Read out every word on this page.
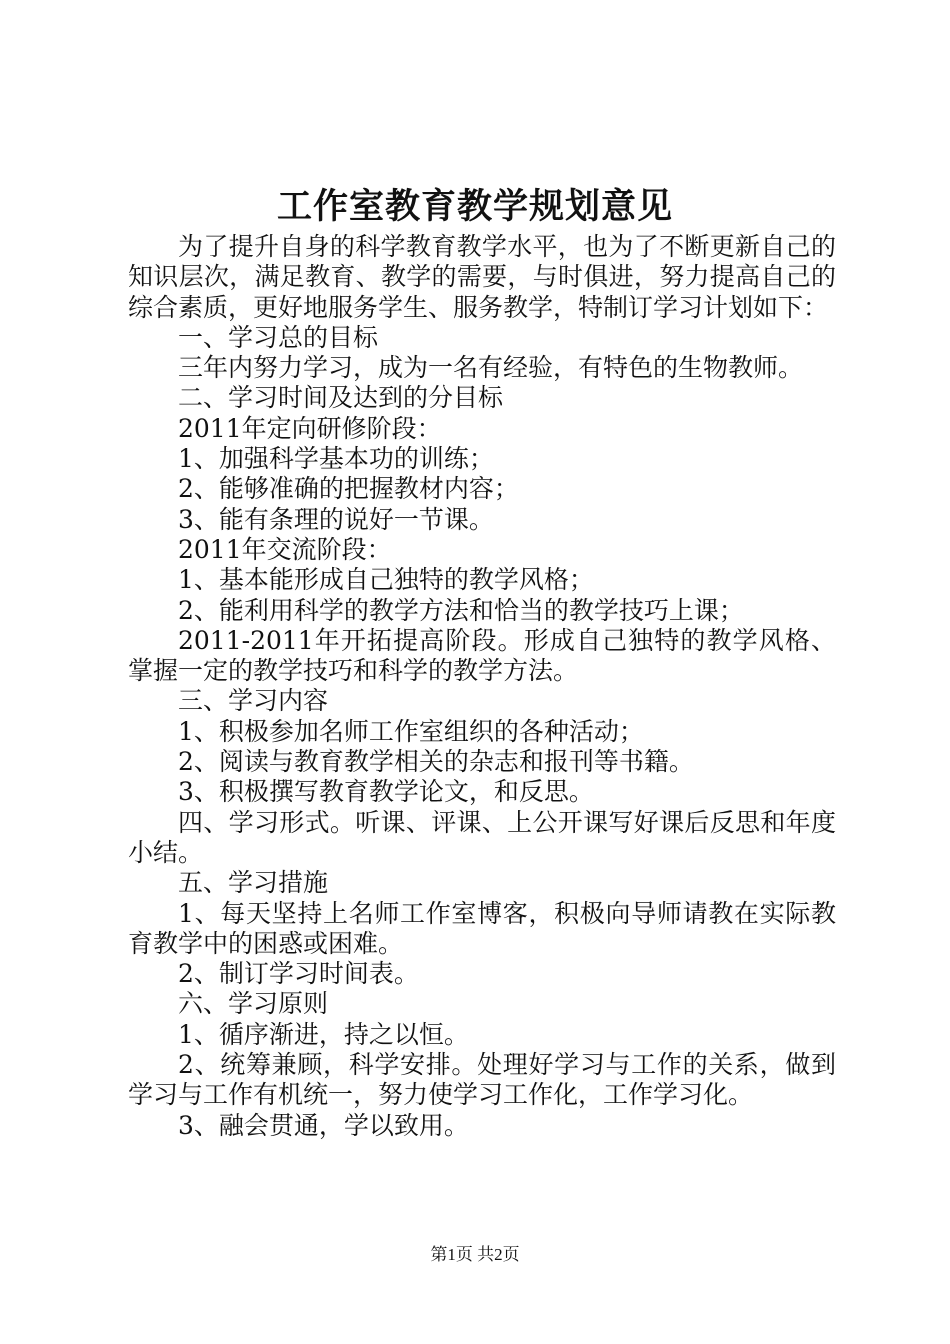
工作室教育教学规划意见

为了提升自身的科学教育教学水平，也为了不断更新自己的知识层次，满足教育、教学的需要，与时俱进，努力提高自己的综合素质，更好地服务学生、服务教学，特制订学习计划如下：

一、学习总的目标

三年内努力学习，成为一名有经验，有特色的生物教师。

二、学习时间及达到的分目标

2011年定向研修阶段：

1、加强科学基本功的训练；

2、能够准确的把握教材内容；

3、能有条理的说好一节课。

2011年交流阶段：

1、基本能形成自己独特的教学风格；

2、能利用科学的教学方法和恰当的教学技巧上课；

2011-2011年开拓提高阶段。形成自己独特的教学风格、掌握一定的教学技巧和科学的教学方法。

三、学习内容

1、积极参加名师工作室组织的各种活动；

2、阅读与教育教学相关的杂志和报刊等书籍。

3、积极撰写教育教学论文，和反思。

四、学习形式。听课、评课、上公开课写好课后反思和年度小结。

五、学习措施

1、每天坚持上名师工作室博客，积极向导师请教在实际教育教学中的困惑或困难。

2、制订学习时间表。

六、学习原则

1、循序渐进，持之以恒。

2、统筹兼顾，科学安排。处理好学习与工作的关系，做到学习与工作有机统一，努力使学习工作化，工作学习化。

3、融会贯通，学以致用。

第1页 共2页
